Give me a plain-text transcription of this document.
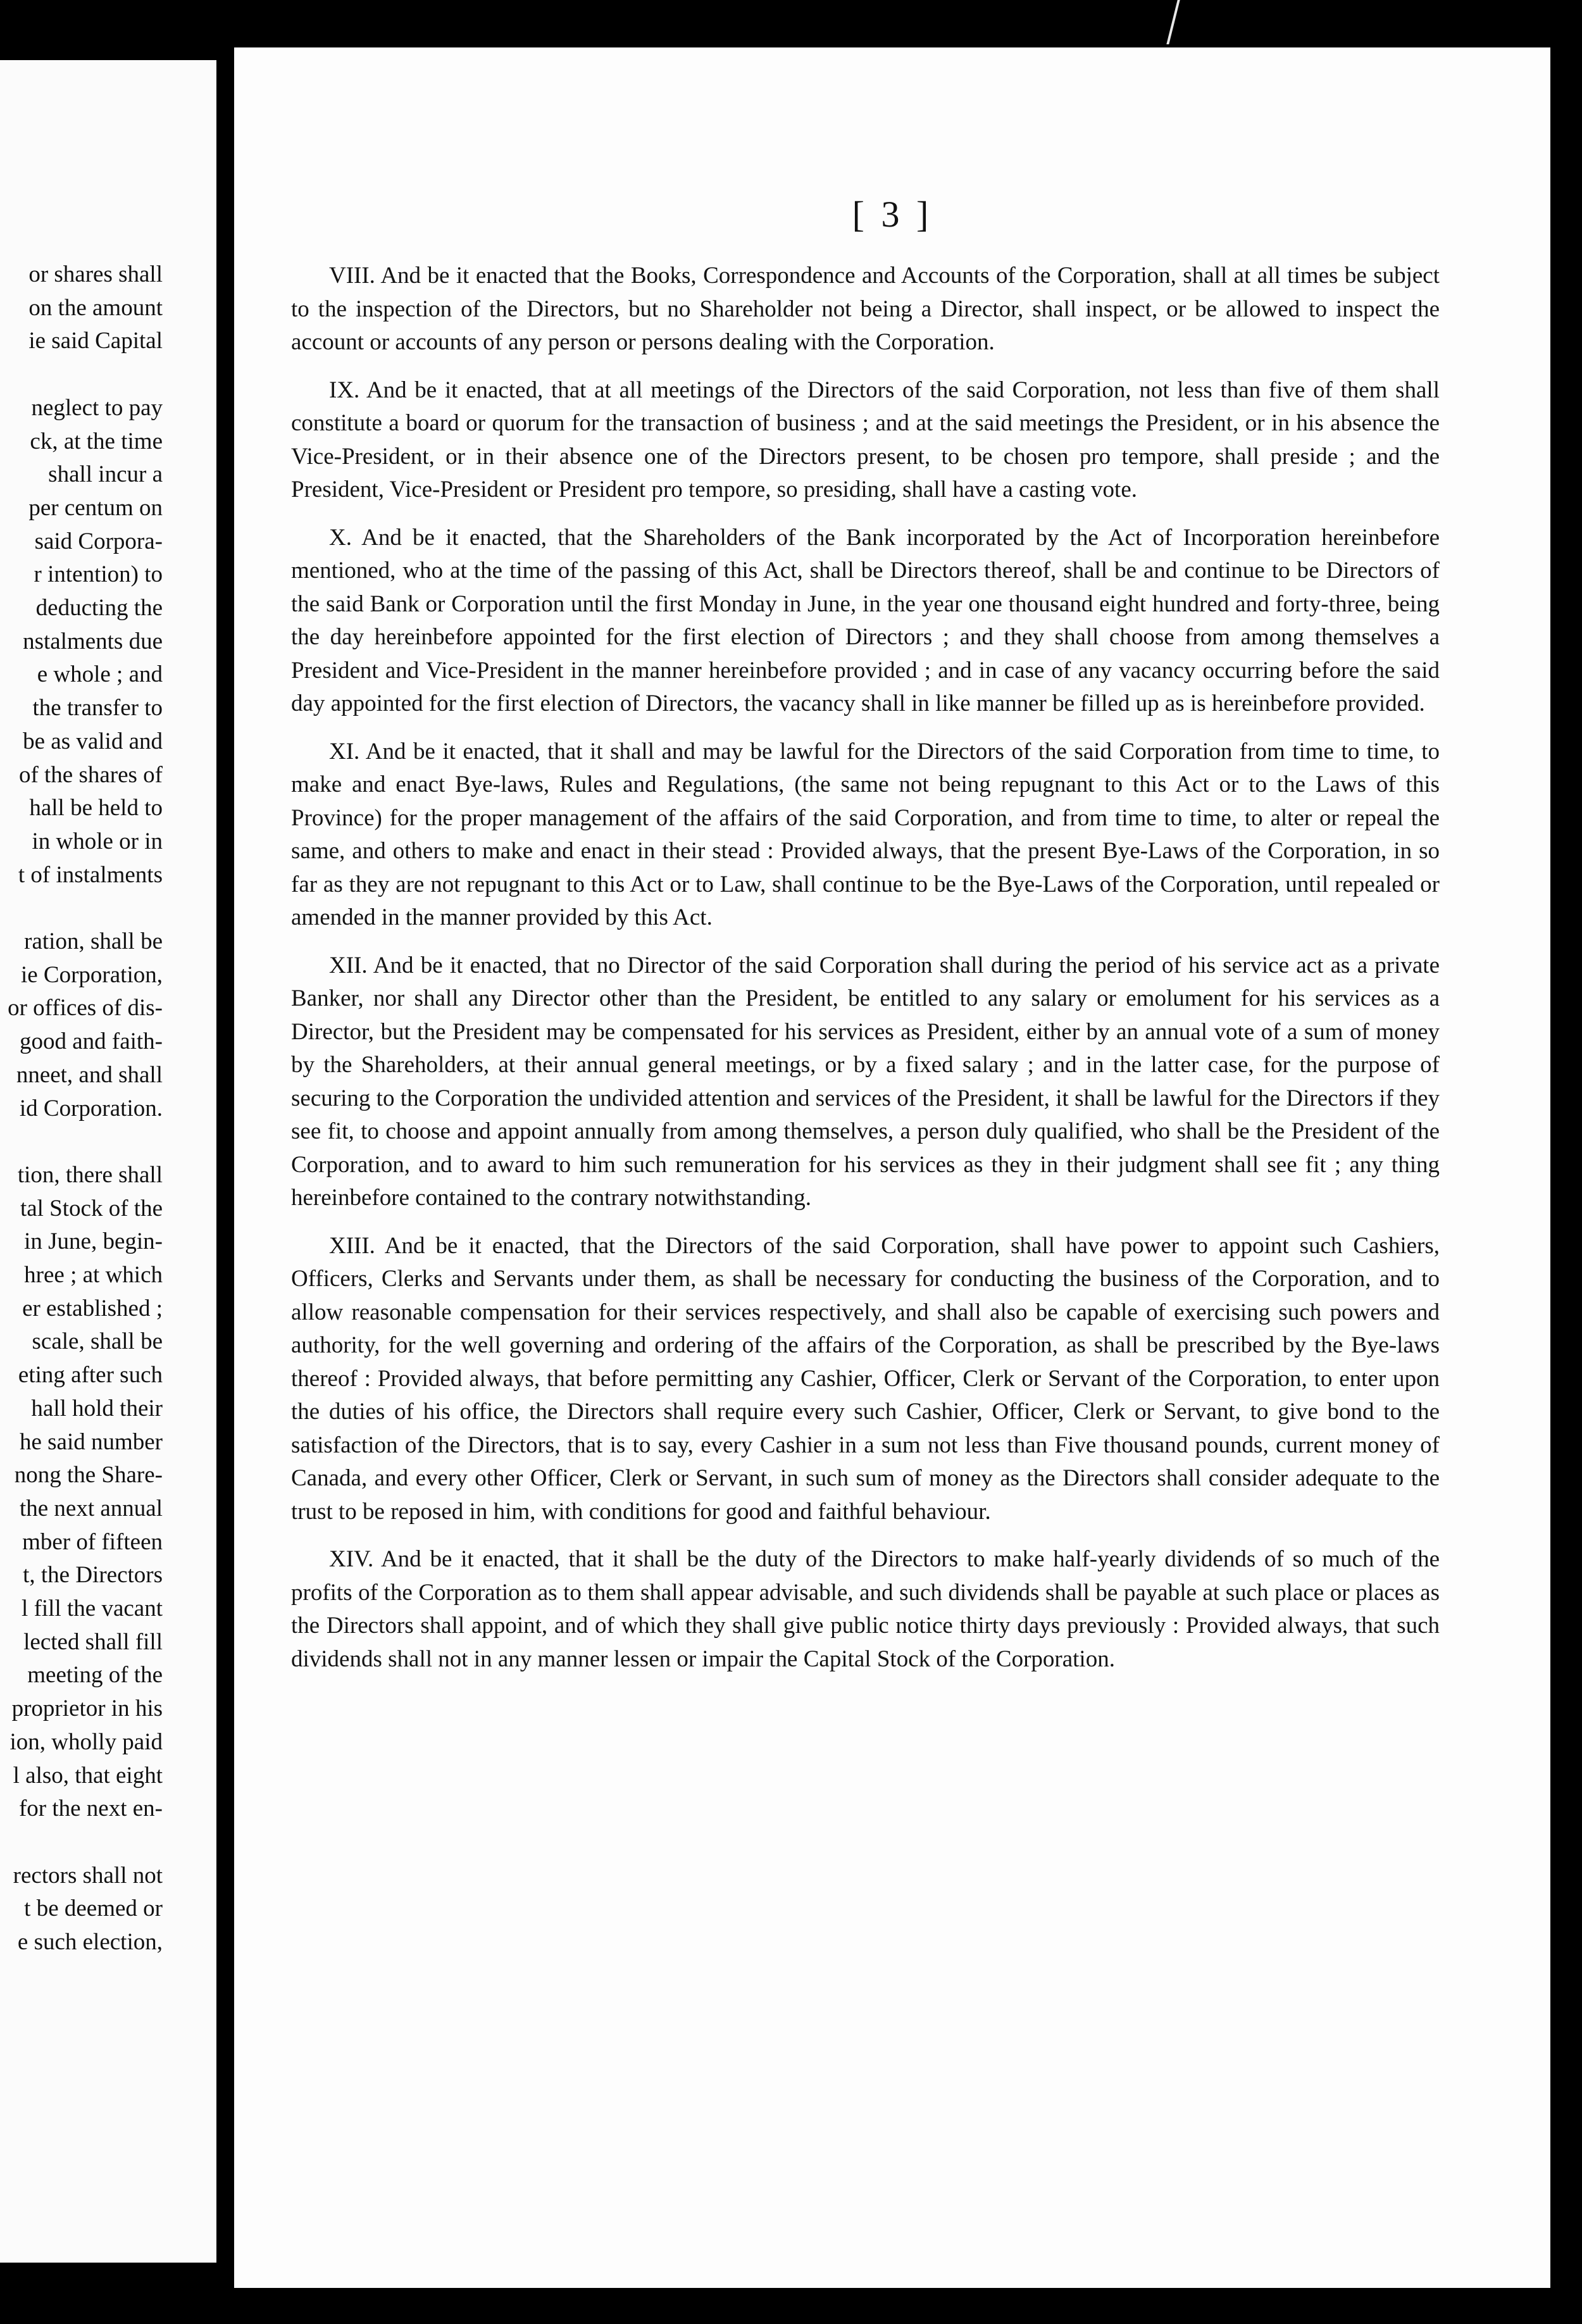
or shares shall
on the amount
ie said Capital
neglect to pay
ck, at the time
shall incur a
per centum on
said Corpora-
r intention) to
deducting the
nstalments due
e whole ; and
the transfer to
be as valid and
of the shares of
hall be held to
in whole or in
t of instalments
ration, shall be
ie Corporation,
or offices of dis-
good and faith-
nneet, and shall
id Corporation.
tion, there shall
tal Stock of the
in June, begin-
hree ; at which
er established ;
scale, shall be
eting after such
hall hold their
he said number
nong the Share-
the next annual
mber of fifteen
t, the Directors
l fill the vacant
lected shall fill
meeting of the
proprietor in his
ion, wholly paid
l also, that eight
for the next en-
rectors shall not
t be deemed or
e such election,
[ 3 ]

VIII. And be it enacted that the Books, Correspondence and Accounts of the Corporation, shall at all times be subject to the inspection of the Directors, but no Shareholder not being a Director, shall inspect, or be allowed to inspect the account or accounts of any person or persons dealing with the Corporation.

IX. And be it enacted, that at all meetings of the Directors of the said Corporation, not less than five of them shall constitute a board or quorum for the transaction of business ; and at the said meetings the President, or in his absence the Vice-President, or in their absence one of the Directors present, to be chosen pro tempore, shall preside ; and the President, Vice-President or President pro tempore, so presiding, shall have a casting vote.

X. And be it enacted, that the Shareholders of the Bank incorporated by the Act of Incorporation hereinbefore mentioned, who at the time of the passing of this Act, shall be Directors thereof, shall be and continue to be Directors of the said Bank or Corporation until the first Monday in June, in the year one thousand eight hundred and forty-three, being the day hereinbefore appointed for the first election of Directors ; and they shall choose from among themselves a President and Vice-President in the manner hereinbefore provided ; and in case of any vacancy occurring before the said day appointed for the first election of Directors, the vacancy shall in like manner be filled up as is hereinbefore provided.

XI. And be it enacted, that it shall and may be lawful for the Directors of the said Corporation from time to time, to make and enact Bye-laws, Rules and Regulations, (the same not being repugnant to this Act or to the Laws of this Province) for the proper management of the affairs of the said Corporation, and from time to time, to alter or repeal the same, and others to make and enact in their stead : Provided always, that the present Bye-Laws of the Corporation, in so far as they are not repugnant to this Act or to Law, shall continue to be the Bye-Laws of the Corporation, until repealed or amended in the manner provided by this Act.

XII. And be it enacted, that no Director of the said Corporation shall during the period of his service act as a private Banker, nor shall any Director other than the President, be entitled to any salary or emolument for his services as a Director, but the President may be compensated for his services as President, either by an annual vote of a sum of money by the Shareholders, at their annual general meetings, or by a fixed salary ; and in the latter case, for the purpose of securing to the Corporation the undivided attention and services of the President, it shall be lawful for the Directors if they see fit, to choose and appoint annually from among themselves, a person duly qualified, who shall be the President of the Corporation, and to award to him such remuneration for his services as they in their judgment shall see fit ; any thing hereinbefore contained to the contrary notwithstanding.

XIII. And be it enacted, that the Directors of the said Corporation, shall have power to appoint such Cashiers, Officers, Clerks and Servants under them, as shall be necessary for conducting the business of the Corporation, and to allow reasonable compensation for their services respectively, and shall also be capable of exercising such powers and authority, for the well governing and ordering of the affairs of the Corporation, as shall be prescribed by the Bye-laws thereof : Provided always, that before permitting any Cashier, Officer, Clerk or Servant of the Corporation, to enter upon the duties of his office, the Directors shall require every such Cashier, Officer, Clerk or Servant, to give bond to the satisfaction of the Directors, that is to say, every Cashier in a sum not less than Five thousand pounds, current money of Canada, and every other Officer, Clerk or Servant, in such sum of money as the Directors shall consider adequate to the trust to be reposed in him, with conditions for good and faithful behaviour.

XIV. And be it enacted, that it shall be the duty of the Directors to make half-yearly dividends of so much of the profits of the Corporation as to them shall appear advisable, and such dividends shall be payable at such place or places as the Directors shall appoint, and of which they shall give public notice thirty days previously : Provided always, that such dividends shall not in any manner lessen or impair the Capital Stock of the Corporation.
